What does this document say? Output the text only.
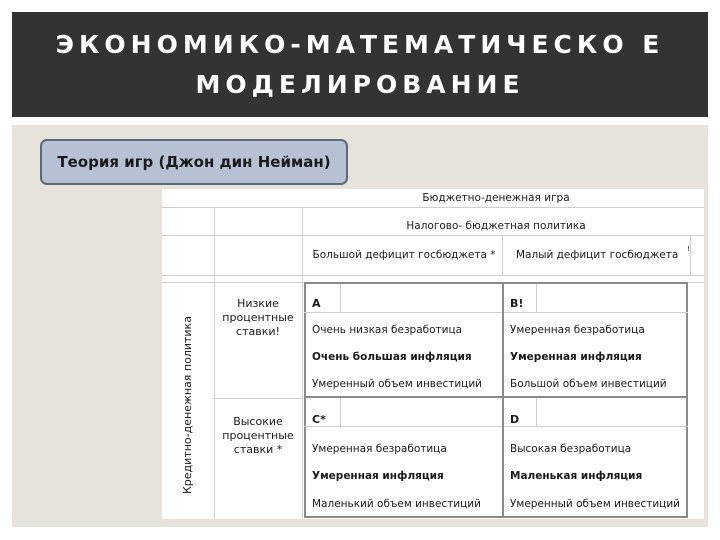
ЭКОНОМИКО-МАТЕМАТИЧЕСКО Е МОДЕЛИРОВАНИЕ
Теория игр (Джон дин Нейман)
Бюджетно-денежная игра
Налогово- бюджетная политика
Большой дефицит госбюджета * Малый дефицит госбюджета	!
Низкие процентные ставки!
Высокие процентные ставки *
A
Очень низкая безработица
Очень большая инфляция
Умеренный объем инвестиций
B!
Умеренная безработица
Умеренная инфляция
Большой объем инвестиций
C*
Умеренная безработица
Умеренная инфляция
Маленький объем инвестиций
D
Высокая безработица
Маленькая инфляция
Умеренный объем инвестиций
Кредитно-денежная политика
